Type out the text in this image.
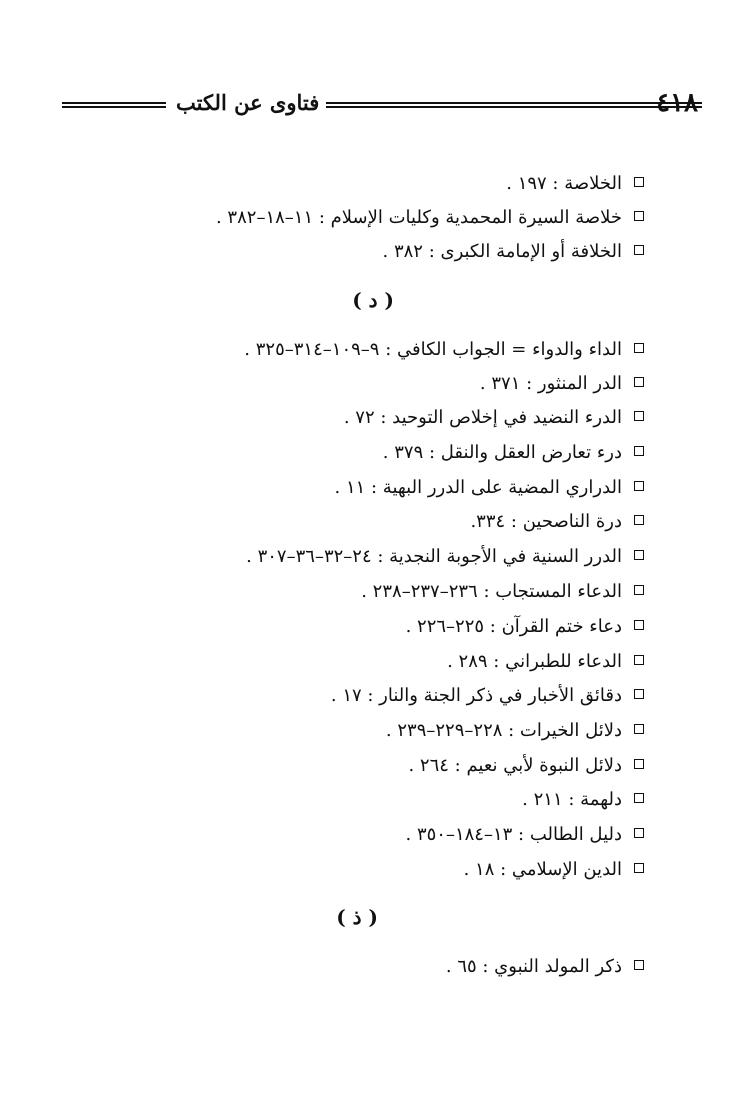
فتاوى عن الكتب	٤١٨
الخلاصة : ١٩٧ .
خلاصة السيرة المحمدية وكليات الإسلام : ١١–١٨–٣٨٢ .
الخلافة أو الإمامة الكبرى : ٣٨٢ .
( د )
الداء والدواء = الجواب الكافي : ٩–١٠٩–٣١٤–٣٢٥ .
الدر المنثور : ٣٧١ .
الدرء النضيد في إخلاص التوحيد : ٧٢ .
درء تعارض العقل والنقل : ٣٧٩ .
الدراري المضية على الدرر البهية : ١١ .
درة الناصحين : ٣٣٤.
الدرر السنية في الأجوبة النجدية : ٢٤–٣٢–٣٦–٣٠٧ .
الدعاء المستجاب : ٢٣٦–٢٣٧–٢٣٨ .
دعاء ختم القرآن : ٢٢٥–٢٢٦ .
الدعاء للطبراني : ٢٨٩ .
دقائق الأخبار في ذكر الجنة والنار : ١٧ .
دلائل الخيرات : ٢٢٨–٢٢٩–٢٣٩ .
دلائل النبوة لأبي نعيم : ٢٦٤ .
دلهمة : ٢١١ .
دليل الطالب : ١٣–١٨٤–٣٥٠ .
الدين الإسلامي : ١٨ .
( ذ )
ذكر المولد النبوي : ٦٥ .
